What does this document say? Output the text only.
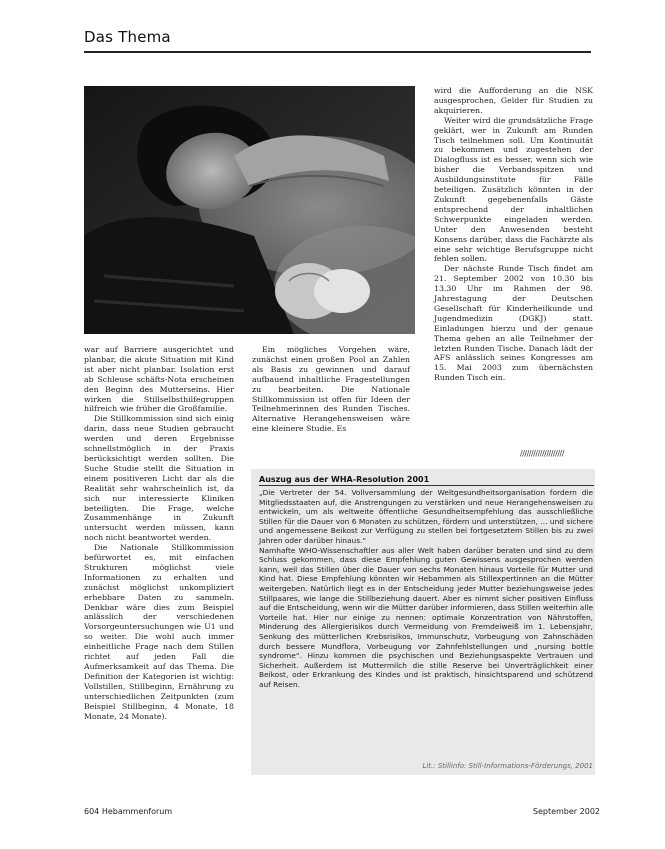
Das Thema

war auf Barriere ausgerichtet und planbar, die akute Situation mit Kind ist aber nicht planbar. Isolation erst ab Schleuse schäfts-Nota erscheinen den Beginn des Mutterseins. Hier wirken die Stillselbsthilfegruppen hilfreich wie früher die Großfamilie.

Die Stillkommission sind sich einig darin, dass neue Studien gebraucht werden und deren Ergebnisse schnellstmöglich in der Praxis berücksichtigt werden sollten. Die Suche Studie stellt die Situation in einem positiveren Licht dar als die Realität sehr wahrscheinlich ist, da sich nur interessierte Kliniken beteiligten. Die Frage, welche Zusammenhänge in Zukunft untersucht werden müssen, kann noch nicht beantwortet werden.

Die Nationale Stillkommission befürwortet es, mit einfachen Strukturen möglichst viele Informationen zu erhalten und zunächst möglichst unkompliziert erhebbare Daten zu sammeln. Denkbar wäre dies zum Beispiel anlässlich der verschiedenen Vorsorgeuntersuchungen wie U1 und so weiter. Die wohl auch immer einheitliche Frage nach dem Stillen richtet auf jeden Fall die Aufmerksamkeit auf das Thema. Die Definition der Kategorien ist wichtig: Vollstillen, Stillbeginn, Ernährung zu unterschiedlichen Zeitpunkten (zum Beispiel Stillbeginn, 4 Monate, 18 Monate, 24 Monate).

Ein mögliches Vorgehen wäre, zunächst einen großen Pool an Zahlen als Basis zu gewinnen und darauf aufbauend inhaltliche Fragestellungen zu bearbeiten. Die Nationale Stillkommission ist offen für Ideen der Teilnehmerinnen des Runden Tisches. Alternative Herangehensweisen wäre eine kleinere Studie. Es

wird die Aufforderung an die NSK ausgesprochen, Gelder für Studien zu akquirieren.

Weiter wird die grundsätzliche Frage geklärt, wer in Zukunft am Runden Tisch teilnehmen soll. Um Kontinuität zu bekommen und zugestehen der Dialogfluss ist es besser, wenn sich wie bisher die Verbandsspitzen und Ausbildungsinstitute für Fälle beteiligen. Zusätzlich könnten in der Zukunft gegebenenfalls Gäste entsprechend der inhaltlichen Schwerpunkte eingeladen werden. Unter den Anwesenden besteht Konsens darüber, dass die Fachärzte als eine sehr wichtige Berufsgruppe nicht fehlen sollen.

Der nächste Runde Tisch findet am 21. September 2002 von 10.30 bis 13.30 Uhr im Rahmen der 98. Jahrestagung der Deutschen Gesellschaft für Kinderheilkunde und Jugendmedizin (DGKJ) statt. Einladungen hierzu und der genaue Thema gehen an alle Teilnehmer der letzten Runden Tische. Danach lädt der AFS anlässlich seines Kongresses am 15. Mai 2003 zum übernächsten Runden Tisch ein.

////////////////////
Auszug aus der WHA-Resolution 2001

„Die Vertreter der 54. Vollversammlung der Weltgesundheitsorganisation fordern die Mitgliedsstaaten auf, die Anstrengungen zu verstärken und neue Herangehensweisen zu entwickeln, um als weltweite öffentliche Gesundheitsempfehlung das ausschließliche Stillen für die Dauer von 6 Monaten zu schützen, fördern und unterstützen, ... und sichere und angemessene Beikost zur Verfügung zu stellen bei fortgesetztem Stillen bis zu zwei Jahren oder darüber hinaus.“

Namhafte WHO-Wissenschaftler aus aller Welt haben darüber beraten und sind zu dem Schluss gekommen, dass diese Empfehlung guten Gewissens ausgesprochen werden kann, weil das Stillen über die Dauer von sechs Monaten hinaus Vorteile für Mutter und Kind hat. Diese Empfehlung könnten wir Hebammen als Stillexpertinnen an die Mütter weitergeben. Natürlich liegt es in der Entscheidung jeder Mutter beziehungsweise jedes Stillpaares, wie lange die Stillbeziehung dauert. Aber es nimmt sicher positiven Einfluss auf die Entscheidung, wenn wir die Mütter darüber informieren, dass Stillen weiterhin alle Vorteile hat. Hier nur einige zu nennen: optimale Konzentration von Nährstoffen, Minderung des Allergierisikos durch Vermeidung von Fremdeiweiß im 1. Lebensjahr, Senkung des mütterlichen Krebsrisikos, Immunschutz, Vorbeugung von Zahnschäden durch bessere Mundflora, Vorbeugung vor Zahnfehlstellungen und „nursing bottle syndrome“. Hinzu kommen die psychischen und Beziehungsaspekte Vertrauen und Sicherheit. Außerdem ist Muttermilch die stille Reserve bei Unverträglichkeit einer Beikost, oder Erkrankung des Kindes und ist praktisch, hinsichtsparend und schützend auf Reisen.

Lit.: Stillinfo: Still-Informations-Förderungs, 2001
604 Hebammenforum	September 2002
